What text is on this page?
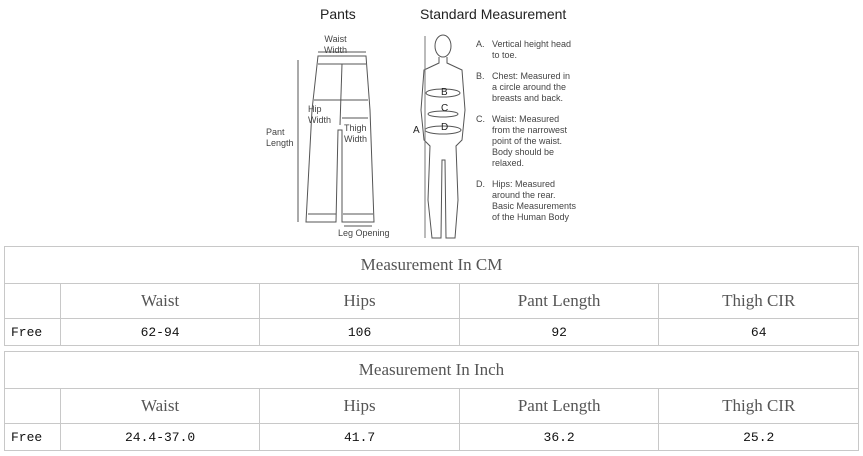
Pants	Standard Measurement
Waist
Width
Hip
Width
Thigh
Width
Pant
Length
Leg Opening
A
B
C
D
A. Vertical height head
to toe.
B. Chest: Measured in
a circle around the
breasts and back.
C. Waist: Measured
from the narrowest
point of the waist.
Body should be
relaxed.
D. Hips: Measured
around the rear.
Basic Measurements
of the Human Body
Measurement In CM				
	Waist	Hips	Pant Length	Thigh CIR
Free	62-94	106	92	64
Measurement In Inch				
	Waist	Hips	Pant Length	Thigh CIR
Free	24.4-37.0	41.7	36.2	25.2
